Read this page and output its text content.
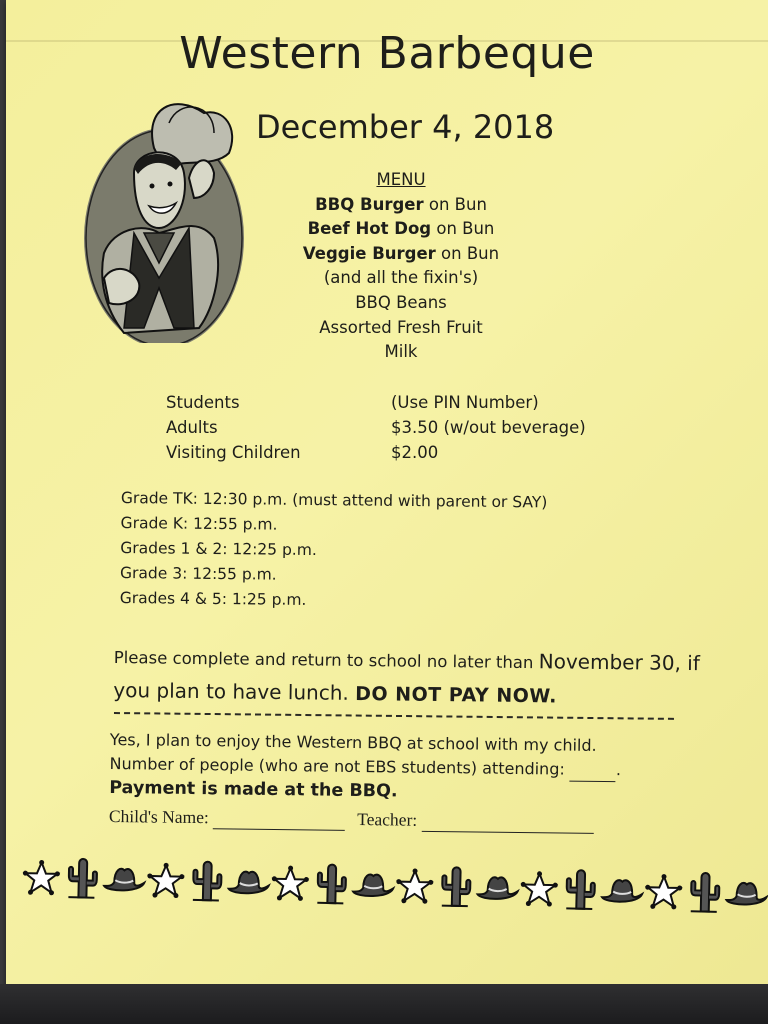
Western Barbeque
December 4, 2018
MENU
BBQ Burger on Bun
Beef Hot Dog on Bun
Veggie Burger on Bun
(and all the fixin's)
BBQ Beans
Assorted Fresh Fruit
Milk
Students	(Use PIN Number)
Adults	$3.50 (w/out beverage)
Visiting Children	$2.00
Grade TK: 12:30 p.m. (must attend with parent or SAY)
Grade K: 12:55 p.m.
Grades 1 & 2: 12:25 p.m.
Grade 3: 12:55 p.m.
Grades 4 & 5: 1:25 p.m.
Please complete and return to school no later than November 30, if
you plan to have lunch. DO NOT PAY NOW.
Yes, I plan to enjoy the Western BBQ at school with my child.
Number of people (who are not EBS students) attending:	.
Payment is made at the BBQ.
Child's Name:	Teacher:
